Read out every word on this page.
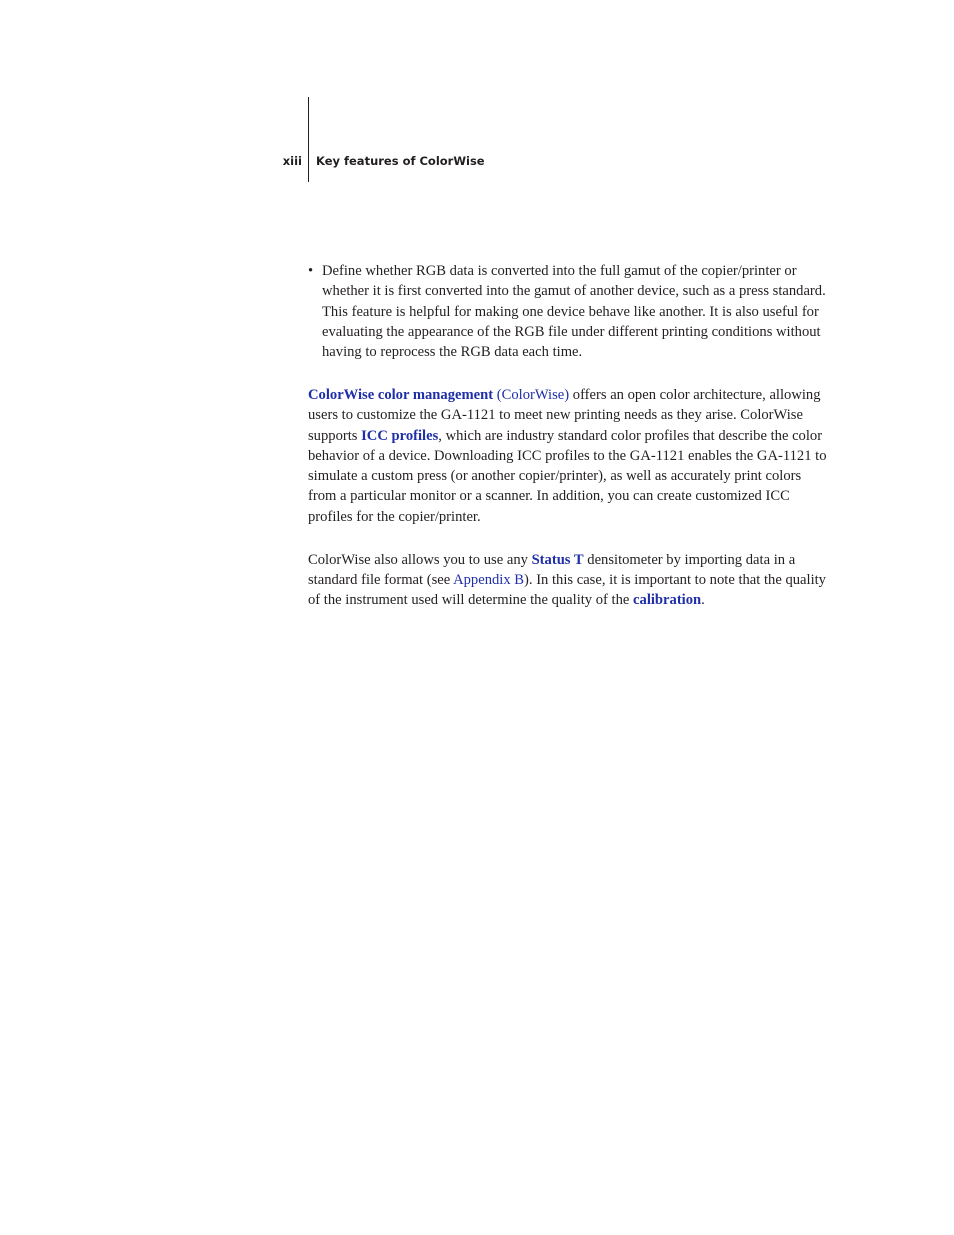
xiii Key features of ColorWise
• Define whether RGB data is converted into the full gamut of the copier/printer or whether it is first converted into the gamut of another device, such as a press standard. This feature is helpful for making one device behave like another. It is also useful for evaluating the appearance of the RGB file under different printing conditions without having to reprocess the RGB data each time.

ColorWise color management (ColorWise) offers an open color architecture, allowing users to customize the GA-1121 to meet new printing needs as they arise. ColorWise supports ICC profiles, which are industry standard color profiles that describe the color behavior of a device. Downloading ICC profiles to the GA-1121 enables the GA-1121 to simulate a custom press (or another copier/printer), as well as accurately print colors from a particular monitor or a scanner. In addition, you can create customized ICC profiles for the copier/printer.

ColorWise also allows you to use any Status T densitometer by importing data in a standard file format (see Appendix B). In this case, it is important to note that the quality of the instrument used will determine the quality of the calibration.
